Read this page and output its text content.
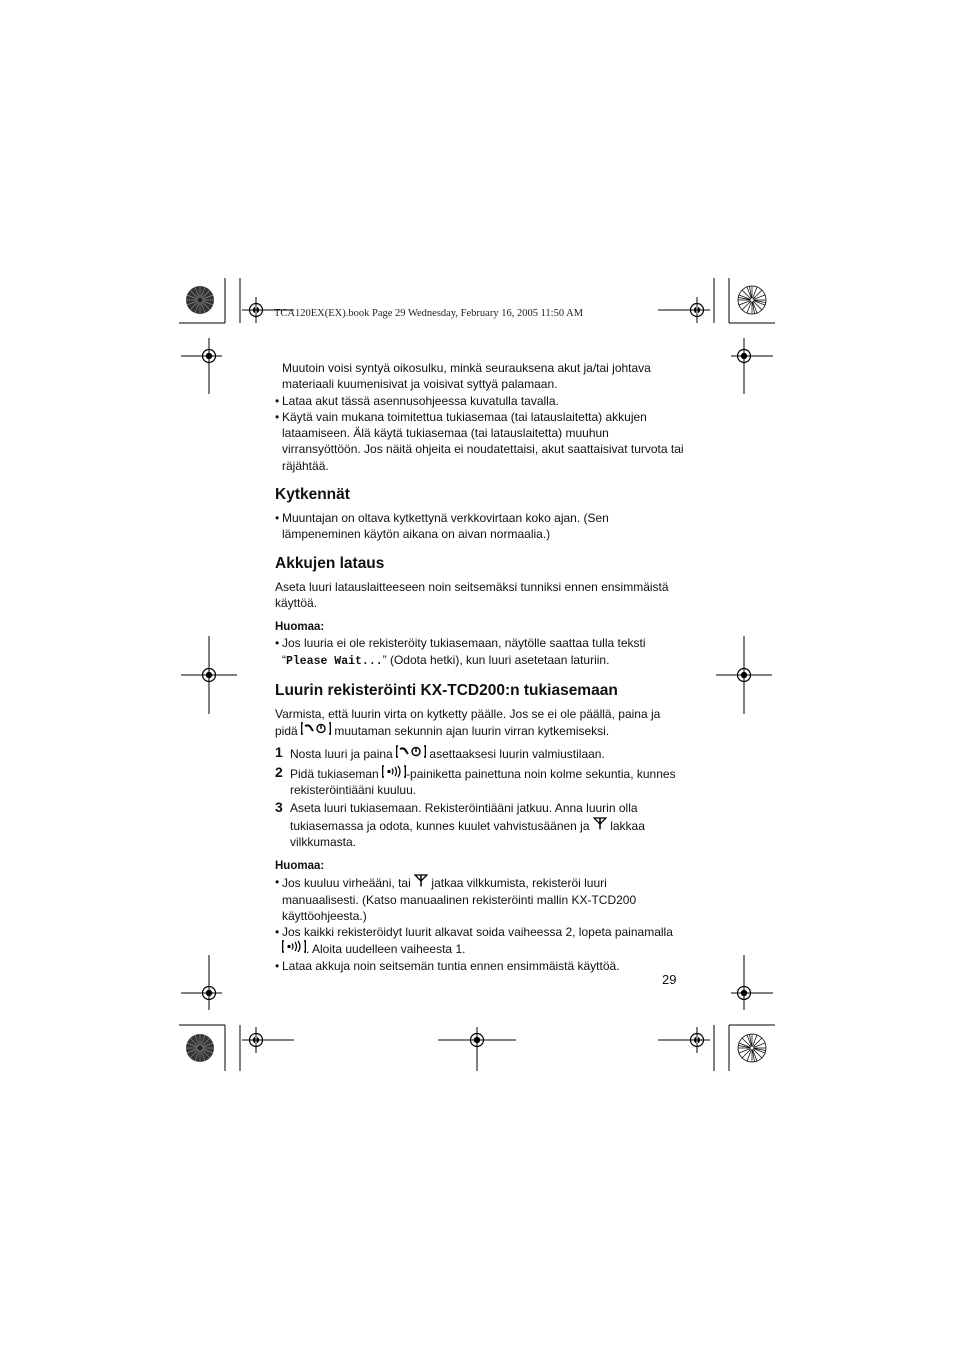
TCA120EX(EX).book Page 29 Wednesday, February 16, 2005 11:50 AM

Muutoin voisi syntyä oikosulku, minkä seurauksena akut ja/tai johtava materiaali kuumenisivat ja voisivat syttyä palamaan.

• Lataa akut tässä asennusohjeessa kuvatulla tavalla.

• Käytä vain mukana toimitettua tukiasemaa (tai latauslaitetta) akkujen lataamiseen. Älä käytä tukiasemaa (tai latauslaitetta) muuhun virransyöttöön. Jos näitä ohjeita ei noudatettaisi, akut saattaisivat turvota tai räjähtää.

Kytkennät

• Muuntajan on oltava kytkettynä verkkovirtaan koko ajan. (Sen lämpeneminen käytön aikana on aivan normaalia.)

Akkujen lataus

Aseta luuri latauslaitteeseen noin seitsemäksi tunniksi ennen ensimmäistä käyttöä.

Huomaa:

• Jos luuria ei ole rekisteröity tukiasemaan, näytölle saattaa tulla teksti “Please Wait...” (Odota hetki), kun luuri asetetaan laturiin.

Luurin rekisteröinti KX-TCD200:n tukiasemaan

Varmista, että luurin virta on kytketty päälle. Jos se ei ole päällä, paina ja pidä	muutaman sekunnin ajan luurin virran kytkemiseksi.

1 Nosta luuri ja paina	asettaaksesi luurin valmiustilaan.
2 Pidä tukiaseman -painiketta painettuna noin kolme sekuntia, kunnes rekisteröintiääni kuuluu.
3 Aseta luuri tukiasemaan. Rekisteröintiääni jatkuu. Anna luurin olla tukiasemassa ja odota, kunnes kuulet vahvistusäänen ja  lakkaa vilkkumasta.
Huomaa:

• Jos kuuluu virheääni, tai  jatkaa vilkkumista, rekisteröi luuri manuaalisesti. (Katso manuaalinen rekisteröinti mallin KX-TCD200 käyttöohjeesta.)

• Jos kaikki rekisteröidyt luurit alkavat soida vaiheessa 2, lopeta painamalla . Aloita uudelleen vaiheesta 1.

• Lataa akkuja noin seitsemän tuntia ennen ensimmäistä käyttöä.

29
